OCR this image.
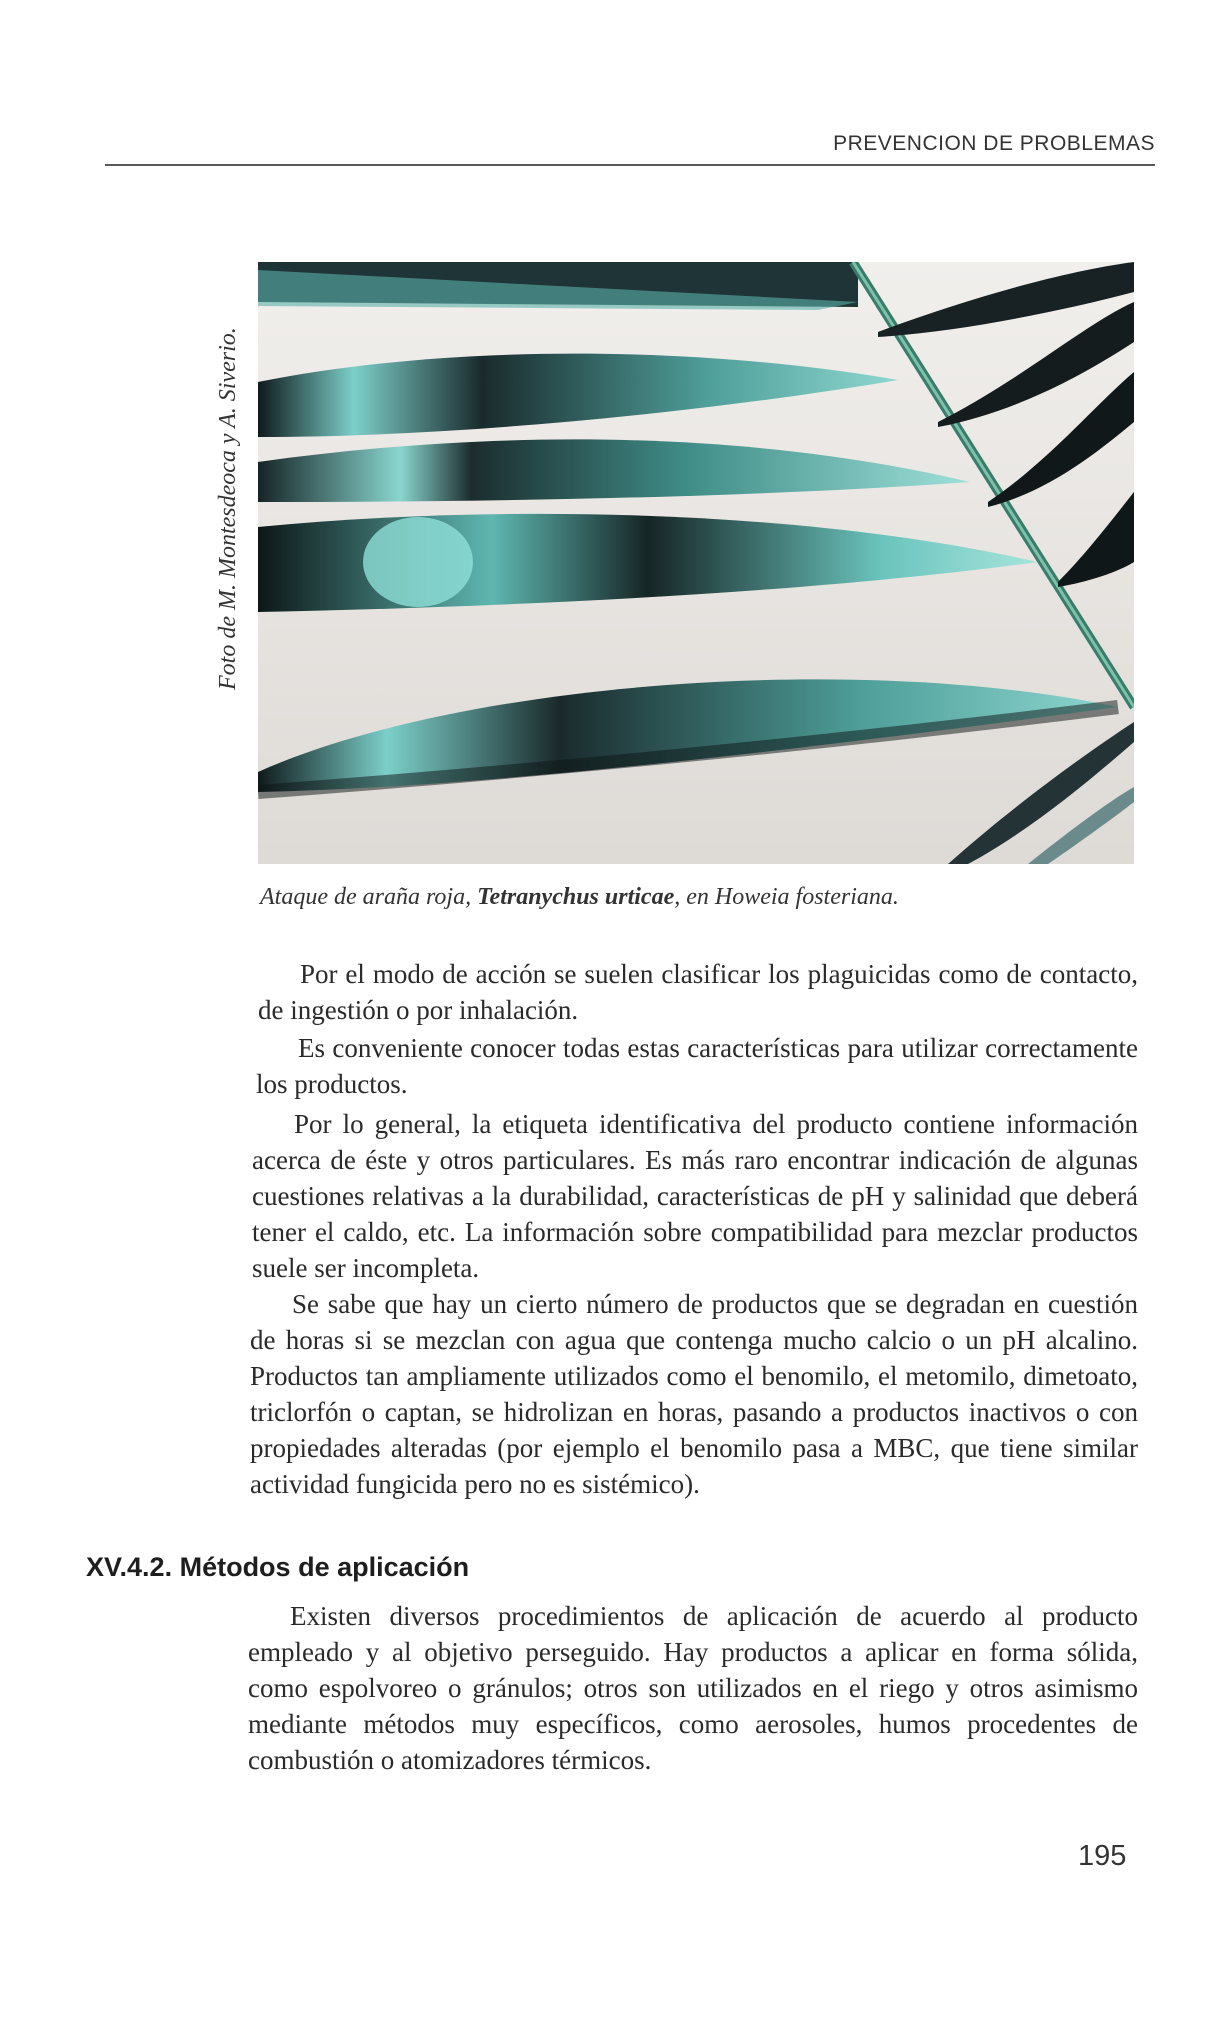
PREVENCION DE PROBLEMAS
Foto de M. Montesdeoca y A. Siverio.
Ataque de araña roja, Tetranychus urticae, en Howeia fosteriana.

Por el modo de acción se suelen clasificar los plaguicidas como de contacto, de ingestión o por inhalación.

Es conveniente conocer todas estas características para utilizar correctamente los productos.

Por lo general, la etiqueta identificativa del producto contiene información acerca de éste y otros particulares. Es más raro encontrar indicación de algunas cuestiones relativas a la durabilidad, características de pH y salinidad que deberá tener el caldo, etc. La información sobre compatibilidad para mezclar productos suele ser incompleta.

Se sabe que hay un cierto número de productos que se degradan en cuestión de horas si se mezclan con agua que contenga mucho calcio o un pH alcalino. Productos tan ampliamente utilizados como el benomilo, el metomilo, dimetoato, triclorfón o captan, se hidrolizan en horas, pasando a productos inactivos o con propiedades alteradas (por ejemplo el benomilo pasa a MBC, que tiene similar actividad fungicida pero no es sistémico).

XV.4.2. Métodos de aplicación

Existen diversos procedimientos de aplicación de acuerdo al producto empleado y al objetivo perseguido. Hay productos a aplicar en forma sólida, como espolvoreo o gránulos; otros son utilizados en el riego y otros asimismo mediante métodos muy específicos, como aerosoles, humos procedentes de combustión o atomizadores térmicos.

195
